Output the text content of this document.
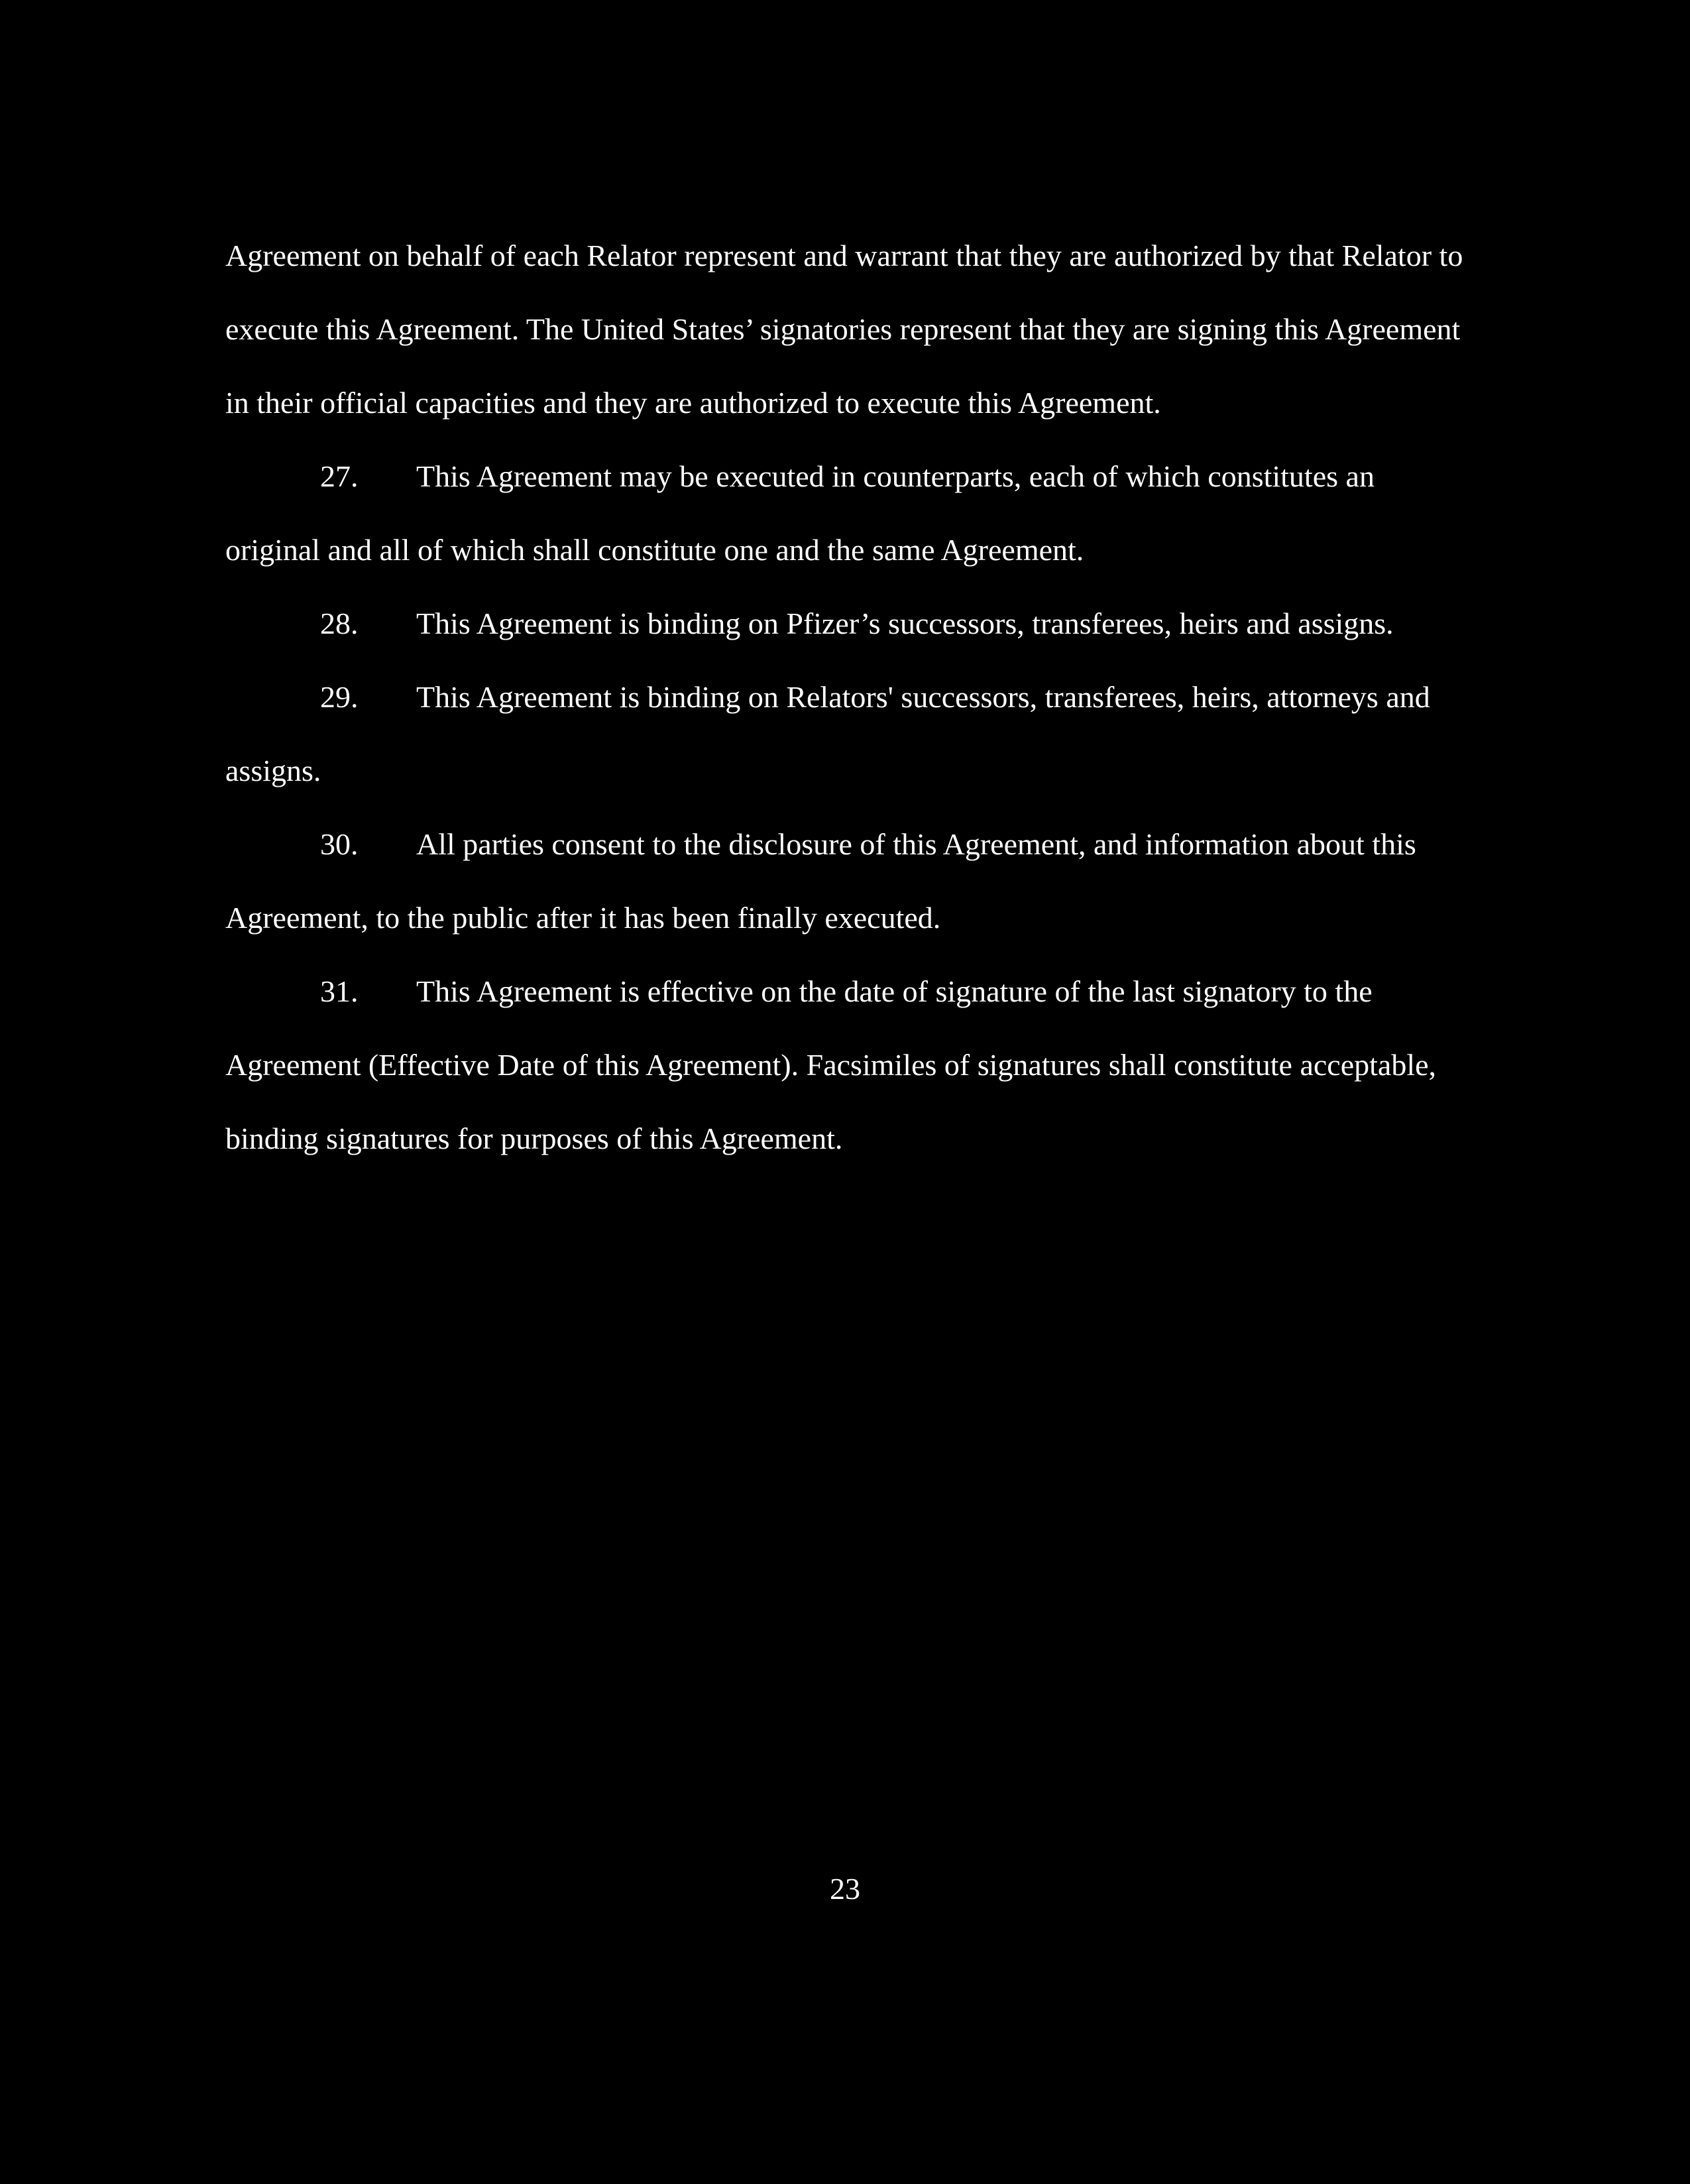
Agreement on behalf of each Relator represent and warrant that they are authorized by that Relator to execute this Agreement. The United States’ signatories represent that they are signing this Agreement in their official capacities and they are authorized to execute this Agreement.

27. This Agreement may be executed in counterparts, each of which constitutes an original and all of which shall constitute one and the same Agreement.

28. This Agreement is binding on Pfizer’s successors, transferees, heirs and assigns.

29. This Agreement is binding on Relators' successors, transferees, heirs, attorneys and assigns.

30. All parties consent to the disclosure of this Agreement, and information about this Agreement, to the public after it has been finally executed.

31. This Agreement is effective on the date of signature of the last signatory to the Agreement (Effective Date of this Agreement). Facsimiles of signatures shall constitute acceptable, binding signatures for purposes of this Agreement.

23
